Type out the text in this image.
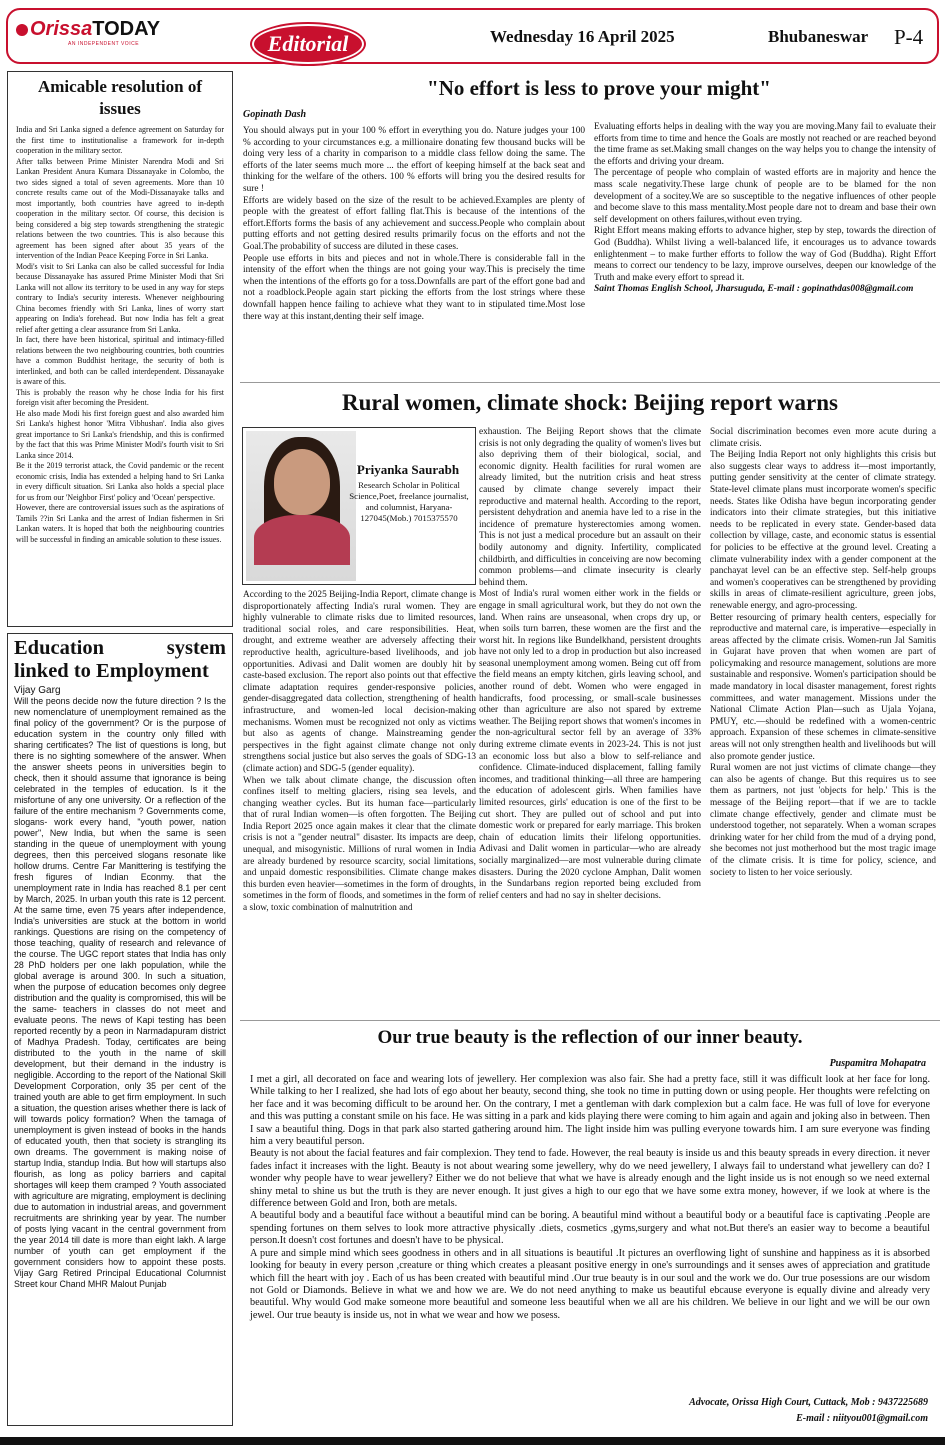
OrissaTODAY
AN INDEPENDENT VOICE	Editorial	Wednesday 16 April 2025	Bhubaneswar P-4
Amicable resolution of issues

India and Sri Lanka signed a defence agreement on Saturday for the first time to institutionalise a framework for in-depth cooperation in the military sector.

After talks between Prime Minister Narendra Modi and Sri Lankan President Anura Kumara Dissanayake in Colombo, the two sides signed a total of seven agreements. More than 10 concrete results came out of the Modi-Dissanayake talks and most importantly, both countries have agreed to in-depth cooperation in the military sector. Of course, this decision is being considered a big step towards strengthening the strategic relations between the two countries. This is also because this agreement has been signed after about 35 years of the intervention of the Indian Peace Keeping Force in Sri Lanka.

Modi's visit to Sri Lanka can also be called successful for India because Dissanayake has assured Prime Minister Modi that Sri Lanka will not allow its territory to be used in any way for steps contrary to India's security interests. Whenever neighbouring China becomes friendly with Sri Lanka, lines of worry start appearing on India's forehead. But now India has felt a great relief after getting a clear assurance from Sri Lanka.

In fact, there have been historical, spiritual and intimacy-filled relations between the two neighbouring countries, both countries have a common Buddhist heritage, the security of both is interlinked, and both can be called interdependent. Dissanayake is aware of this.

This is probably the reason why he chose India for his first foreign visit after becoming the President.

He also made Modi his first foreign guest and also awarded him Sri Lanka's highest honor 'Mitra Vibhushan'. India also gives great importance to Sri Lanka's friendship, and this is confirmed by the fact that this was Prime Minister Modi's fourth visit to Sri Lanka since 2014.

Be it the 2019 terrorist attack, the Covid pandemic or the recent economic crisis, India has extended a helping hand to Sri Lanka in every difficult situation. Sri Lanka also holds a special place for us from our 'Neighbor First' policy and 'Ocean' perspective.

However, there are controversial issues such as the aspirations of Tamils ??in Sri Lanka and the arrest of Indian fishermen in Sri Lankan waters. It is hoped that both the neighbouring countries will be successful in finding an amicable solution to these issues.

Education system linked to Employment
Vijay Garg
Will the peons decide now the future direction ? Is the new nomenclature of unemployment remained as the final policy of the government? Or is the purpose of education system in the country only filled with sharing certificates? The list of questions is long, but there is no sighting somewhere of the answer. When the answer sheets peons in universities begin to check, then it should assume that ignorance is being celebrated in the temples of education. Is it the misfortune of any one university. Or a reflection of the failure of the entire mechanism ? Governments come, slogans- work every hand, "youth power, nation power", New India, but when the same is seen standing in the queue of unemployment with young degrees, then this perceived slogans resonate like hollow drums. Centre Far Manittering is testifying the fresh figures of Indian Econmy. that the unemployment rate in India has reached 8.1 per cent by March, 2025. In urban youth this rate is 12 percent. At the same time, even 75 years after independence, India's universities are stuck at the bottom in world rankings. Questions are rising on the competency of those teaching, quality of research and relevance of the course. The UGC report states that India has only 28 PhD holders per one lakh population, while the global average is around 300. In such a situation, when the purpose of education becomes only degree distribution and the quality is compromised, this will be the same- teachers in classes do not meet and evaluate peons. The news of Kapi testing has been reported recently by a peon in Narmadapuram district of Madhya Pradesh. Today, certificates are being distributed to the youth in the name of skill development, but their demand in the industry is negligible. According to the report of the National Skill Development Corporation, only 35 per cent of the trained youth are able to get firm employment. In such a situation, the question arises whether there is lack of will towards policy formation? When the tamaga of unemployment is given instead of books in the hands of educated youth, then that society is strangling its own dreams. The government is making noise of startup India, standup India. But how will startups also flourish, as long as policy barriers and capital shortages will keep them cramped ? Youth associated with agriculture are migrating, employment is declining due to automation in industrial areas, and government recruitments are shrinking year by year. The number of posts lying vacant in the central government from the year 2014 till date is more than eight lakh. A large number of youth can get employment if the government considers how to appoint these posts. Vijay Garg Retired Principal Educational Columnist Street kour Chand MHR Malout Punjab
"No effort is less to prove your might"
Gopinath Dash

You should always put in your 100 % effort in everything you do. Nature judges your 100 % according to your circumstances e.g. a millionaire donating few thousand bucks will be doing very less of a charity in comparison to a middle class fellow doing the same. The efforts of the later seems much more ... the effort of keeping himself at the back seat and thinking for the welfare of the others. 100 % efforts will bring you the desired results for sure !

Efforts are widely based on the size of the result to be achieved.Examples are plenty of people with the greatest of effort falling flat.This is because of the intentions of the effort.Efforts forms the basis of any achievement and success.People who complain about putting efforts and not getting desired results primarily focus on the efforts and not the Goal.The probability of success are diluted in these cases.

People use efforts in bits and pieces and not in whole.There is considerable fall in the intensity of the effort when the things are not going your way.This is precisely the time when the intentions of the efforts go for a toss.Downfalls are part of the effort gone bad and not a roadblock.People again start picking the efforts from the lost strings where these downfall happen hence failing to achieve what they want to in stipulated time.Most lose there way at this instant,denting their self image.

Evaluating efforts helps in dealing with the way you are moving.Many fail to evaluate their efforts from time to time and hence the Goals are mostly not reached or are reached beyond the time frame as set.Making small changes on the way helps you to change the intensity of the efforts and driving your dream.

The percentage of people who complain of wasted efforts are in majority and hence the mass scale negativity.These large chunk of people are to be blamed for the non development of a socitey.We are so susceptible to the negative influences of other people and become slave to this mass mentality.Most people dare not to dream and base their own self development on others failures,without even trying.

Right Effort means making efforts to advance higher, step by step, towards the direction of God (Buddha). Whilst living a well-balanced life, it encourages us to advance towards enlightenment – to make further efforts to follow the way of God (Buddha). Right Effort means to correct our tendency to be lazy, improve ourselves, deepen our knowledge of the Truth and make every effort to spread it.

Saint Thomas English School, Jharsuguda, E-mail : gopinathdas008@gmail.com

Rural women, climate shock: Beijing report warns
Priyanka Saurabh
Research Scholar in Political Science,Poet, freelance journalist, and columnist, Haryana-127045(Mob.) 7015375570

According to the 2025 Beijing-India Report, climate change is disproportionately affecting India's rural women. They are highly vulnerable to climate risks due to limited resources, traditional social roles, and care responsibilities. Heat, drought, and extreme weather are adversely affecting their reproductive health, agriculture-based livelihoods, and job opportunities. Adivasi and Dalit women are doubly hit by caste-based exclusion. The report also points out that effective climate adaptation requires gender-responsive policies, gender-disaggregated data collection, strengthening of health infrastructure, and women-led local decision-making mechanisms. Women must be recognized not only as victims but also as agents of change. Mainstreaming gender perspectives in the fight against climate change not only strengthens social justice but also serves the goals of SDG-13 (climate action) and SDG-5 (gender equality).

When we talk about climate change, the discussion often confines itself to melting glaciers, rising sea levels, and changing weather cycles. But its human face—particularly that of rural Indian women—is often forgotten. The Beijing India Report 2025 once again makes it clear that the climate crisis is not a "gender neutral" disaster. Its impacts are deep, unequal, and misogynistic. Millions of rural women in India are already burdened by resource scarcity, social limitations, and unpaid domestic responsibilities. Climate change makes this burden even heavier—sometimes in the form of droughts, sometimes in the form of floods, and sometimes in the form of a slow, toxic combination of malnutrition and

exhaustion. The Beijing Report shows that the climate crisis is not only degrading the quality of women's lives but also depriving them of their biological, social, and economic dignity. Health facilities for rural women are already limited, but the nutrition crisis and heat stress caused by climate change severely impact their reproductive and maternal health. According to the report, persistent dehydration and anemia have led to a rise in the incidence of premature hysterectomies among women. This is not just a medical procedure but an assault on their bodily autonomy and dignity. Infertility, complicated childbirth, and difficulties in conceiving are now becoming common problems—and climate insecurity is clearly behind them.

Most of India's rural women either work in the fields or engage in small agricultural work, but they do not own the land. When rains are unseasonal, when crops dry up, or when soils turn barren, these women are the first and the worst hit. In regions like Bundelkhand, persistent droughts have not only led to a drop in production but also increased seasonal unemployment among women. Being cut off from the field means an empty kitchen, girls leaving school, and another round of debt. Women who were engaged in handicrafts, food processing, or small-scale businesses other than agriculture are also not spared by extreme weather. The Beijing report shows that women's incomes in the non-agricultural sector fell by an average of 33% during extreme climate events in 2023-24. This is not just an economic loss but also a blow to self-reliance and confidence. Climate-induced displacement, falling family incomes, and traditional thinking—all three are hampering the education of adolescent girls. When families have limited resources, girls' education is one of the first to be cut short. They are pulled out of school and put into domestic work or prepared for early marriage. This broken chain of education limits their lifelong opportunities. Adivasi and Dalit women in particular—who are already socially marginalized—are most vulnerable during climate disasters. During the 2020 cyclone Amphan, Dalit women in the Sundarbans region reported being excluded from relief centers and had no say in shelter decisions.

Social discrimination becomes even more acute during a climate crisis.

The Beijing India Report not only highlights this crisis but also suggests clear ways to address it—most importantly, putting gender sensitivity at the center of climate strategy. State-level climate plans must incorporate women's specific needs. States like Odisha have begun incorporating gender indicators into their climate strategies, but this initiative needs to be replicated in every state. Gender-based data collection by village, caste, and economic status is essential for policies to be effective at the ground level. Creating a climate vulnerability index with a gender component at the panchayat level can be an effective step. Self-help groups and women's cooperatives can be strengthened by providing skills in areas of climate-resilient agriculture, green jobs, renewable energy, and agro-processing.

Better resourcing of primary health centers, especially for reproductive and maternal care, is imperative—especially in areas affected by the climate crisis. Women-run Jal Samitis in Gujarat have proven that when women are part of policymaking and resource management, solutions are more sustainable and responsive. Women's participation should be made mandatory in local disaster management, forest rights committees, and water management. Missions under the National Climate Action Plan—such as Ujala Yojana, PMUY, etc.—should be redefined with a women-centric approach. Expansion of these schemes in climate-sensitive areas will not only strengthen health and livelihoods but will also promote gender justice.

Rural women are not just victims of climate change—they can also be agents of change. But this requires us to see them as partners, not just 'objects for help.' This is the message of the Beijing report—that if we are to tackle climate change effectively, gender and climate must be understood together, not separately. When a woman scrapes drinking water for her child from the mud of a drying pond, she becomes not just motherhood but the most tragic image of the climate crisis. It is time for policy, science, and society to listen to her voice seriously.

Our true beauty is the reflection of our inner beauty.
Puspamitra Mohapatra

I met a girl, all decorated on face and wearing lots of jewellery. Her complexion was also fair. She had a pretty face, still it was difficult look at her face for long. While talking to her I realized, she had lots of ego about her beauty, second thing, she took no time in putting down or using people. Her thoughts were refelcting on her face and it was becoming difficult to be around her. On the contrary, I met a gentleman with dark complexion but a calm face. He was full of love for everyone and this was putting a constant smile on his face. He was sitting in a park and kids playing there were coming to him again and again and joking also in between. Then I saw a beautiful thing. Dogs in that park also started gathering around him. The light inside him was pulling everyone towards him. I am sure everyone was finding him a very beautiful person.

Beauty is not about the facial features and fair complexion. They tend to fade. However, the real beauty is inside us and this beauty spreads in every direction. it never fades infact it increases with the light. Beauty is not about wearing some jewellery, why do we need jewellery, I always fail to understand what jewellery can do? I wonder why people have to wear jewellery? Either we do not believe that what we have is already enough and the light inside us is not enough so we need external shiny metal to shine us but the truth is they are never enough. It just gives a high to our ego that we have some extra money, however, if we look at where is the difference between Gold and Iron, both are metals.

A beautiful body and a beautiful face without a beautiful mind can be boring. A beautiful mind without a beautiful body or a beautiful face is captivating .People are spending fortunes on them selves to look more attractive physically .diets, cosmetics ,gyms,surgery and what not.But there's an easier way to become a beautiful person.It doesn't cost fortunes and doesn't have to be physical.

A pure and simple mind which sees goodness in others and in all situations is beautiful .It pictures an overflowing light of sunshine and happiness as it is absorbed looking for beauty in every person ,creature or thing which creates a pleasant positive energy in one's surroundings and it senses awes of appreciation and gratitude which fill the heart with joy . Each of us has been created with beautiful mind .Our true beauty is in our soul and the work we do. Our true posessions are our wisdom not Gold or Diamonds. Believe in what we and how we are. We do not need anything to make us beautiful ebcause everyone is equally divine and already very beautiful. Why would God make someone more beautiful and someone less beautiful when we all are his children. We believe in our light and we will be our own jewel. Our true beauty is inside us, not in what we wear and how we posess.

Advocate, Orissa High Court, Cuttack, Mob : 9437225689
E-mail : niityou001@gmail.com
